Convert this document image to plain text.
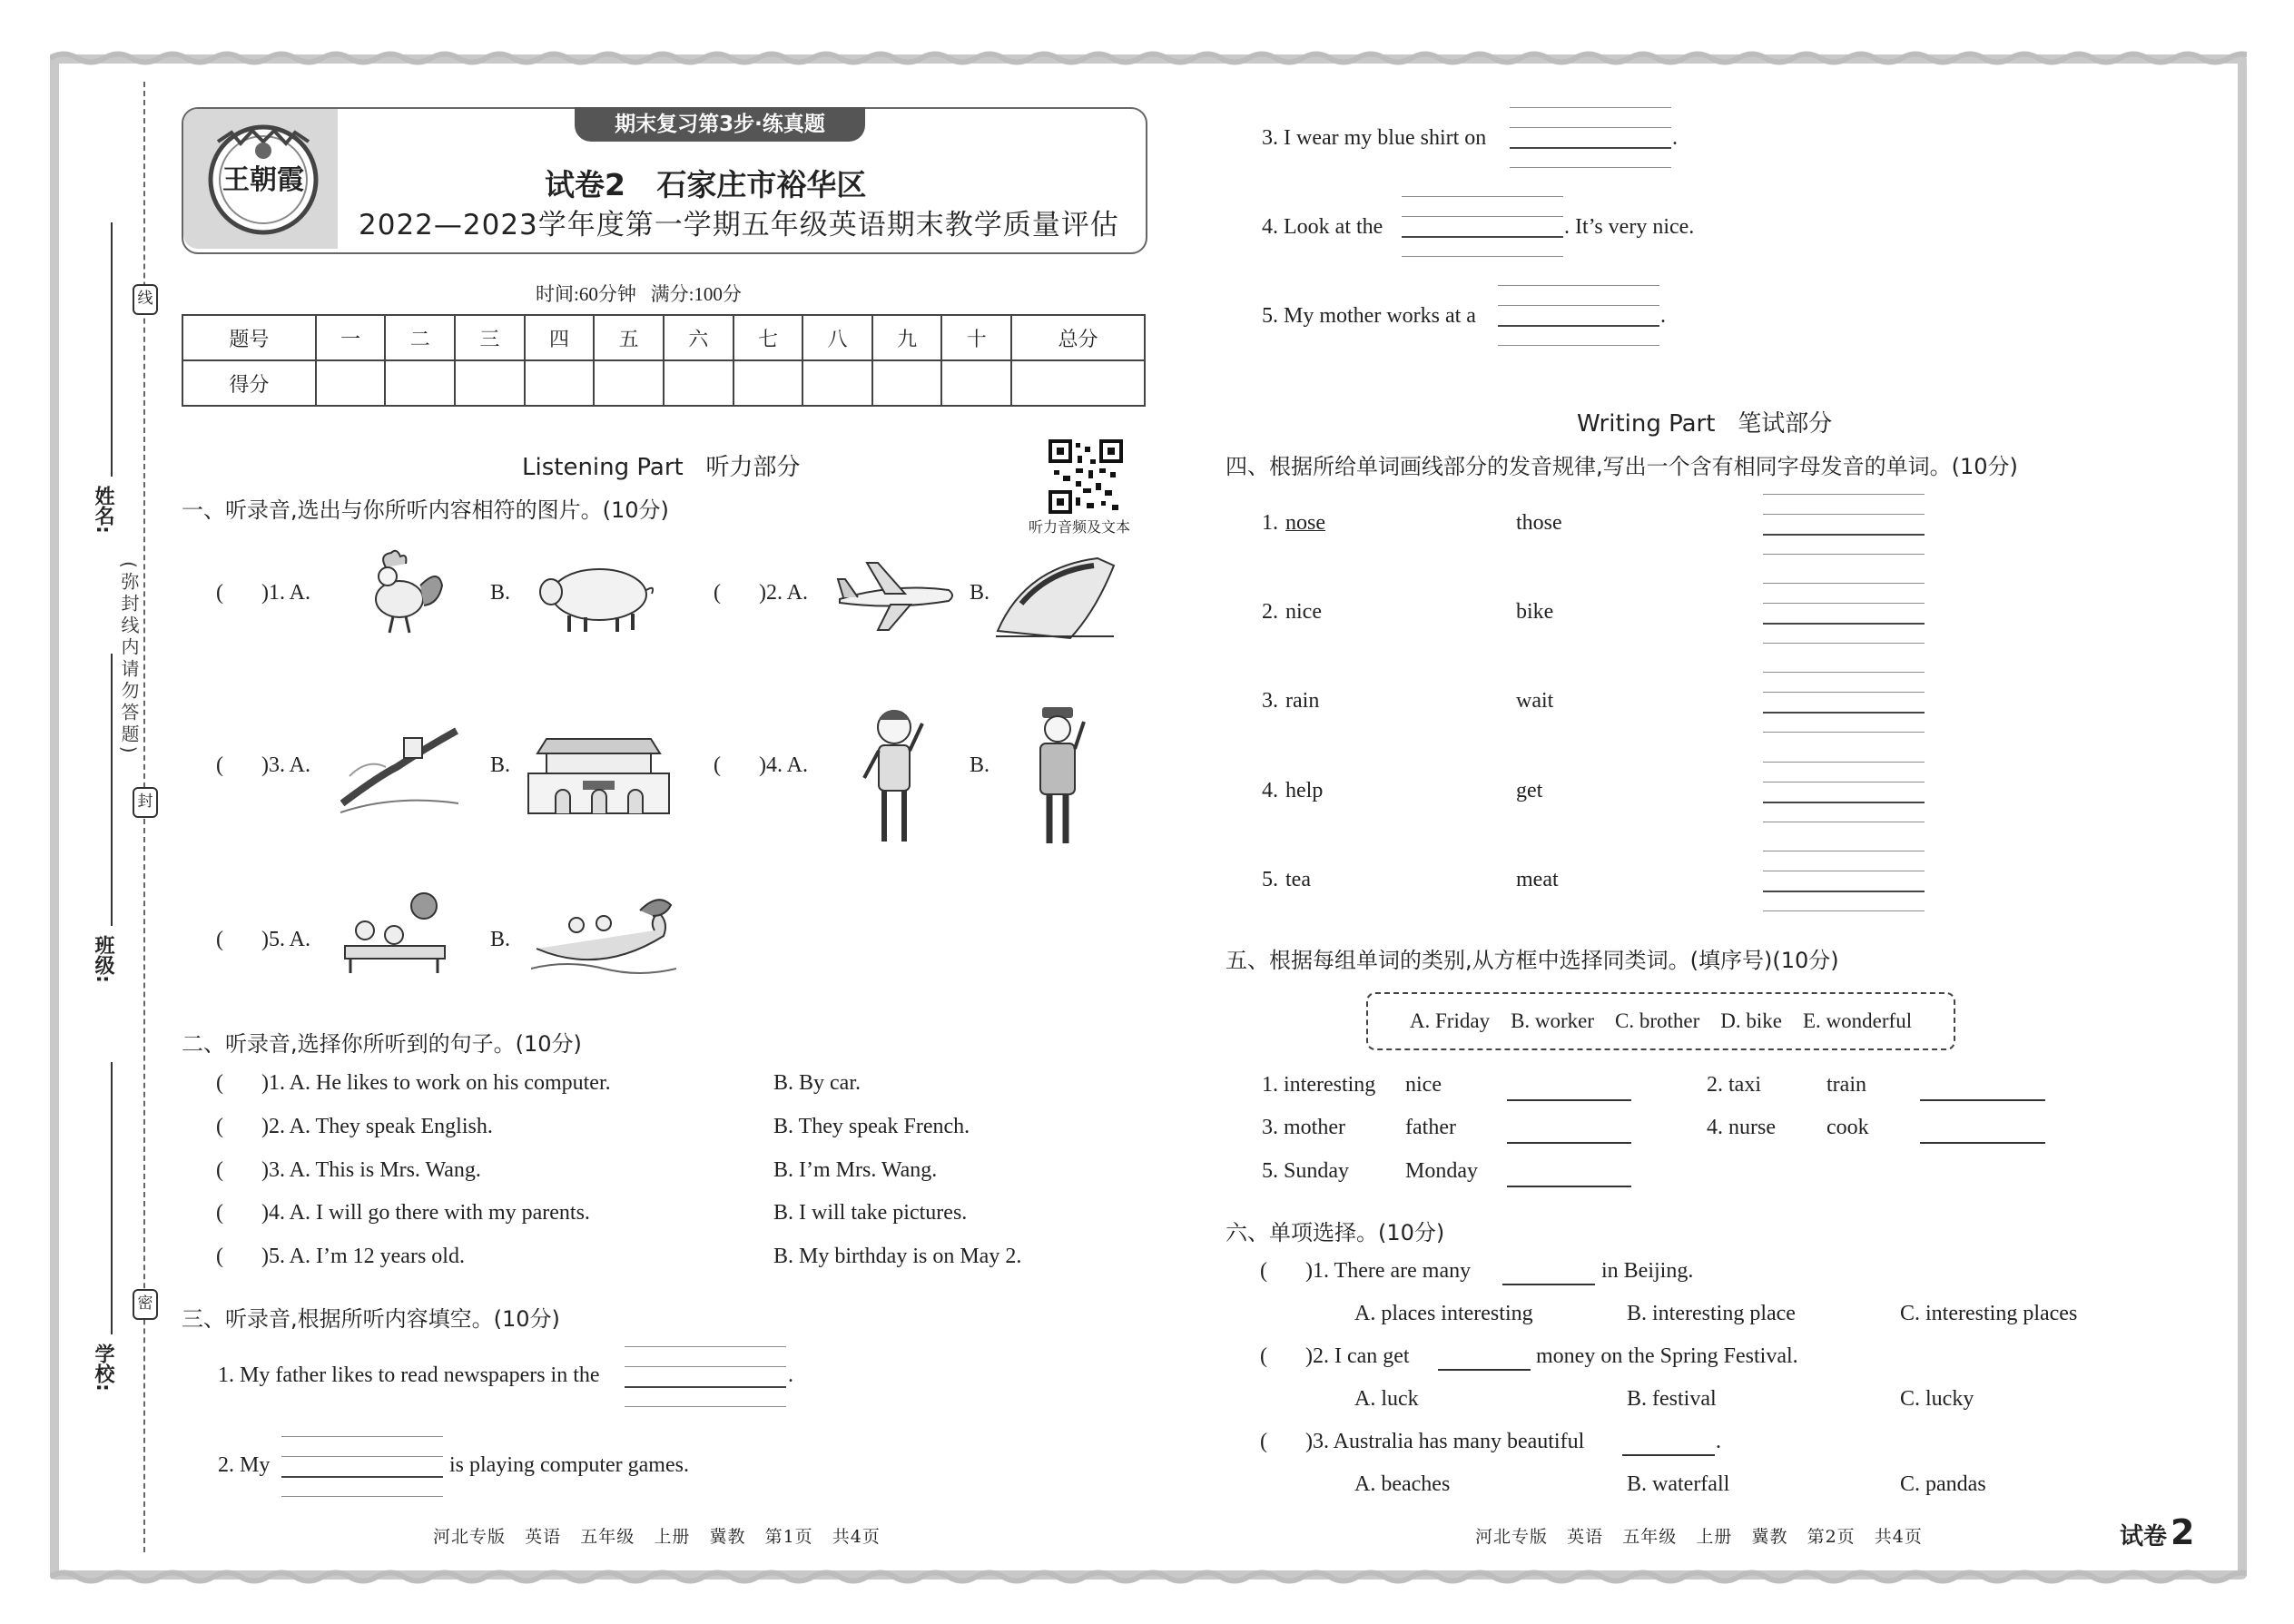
线
封
密
(弥封线内请勿答题)
姓名:
班级:
学校:
期末复习第3步·练真题
王朝霞	试卷2   石家庄市裕华区
2022—2023学年度第一学期五年级英语期末教学质量评估
时间:60分钟   满分:100分
题号	一	二	三	四	五	六	七	八	九	十	总分
得分											
Listening Part   听力部分
听力音频及文本
一、听录音,选出与你所听内容相符的图片。(10分)
(       )1. A.	B.	(       )2. A.	B.
(       )3. A.	B.	(       )4. A.	B.
(       )5. A.	B.
二、听录音,选择你所听到的句子。(10分)
(       )1. A. He likes to work on his computer.	B. By car.
(       )2. A. They speak English.	B. They speak French.
(       )3. A. This is Mrs. Wang.	B. I’m Mrs. Wang.
(       )4. A. I will go there with my parents.	B. I will take pictures.
(       )5. A. I’m 12 years old.	B. My birthday is on May 2.
三、听录音,根据所听内容填空。(10分)
1. My father likes to read newspapers in the	.
2. My	is playing computer games.
3. I wear my blue shirt on	.
4. Look at the	. It’s very nice.
5. My mother works at a	.
Writing Part   笔试部分
四、根据所给单词画线部分的发音规律,写出一个含有相同字母发音的单词。(10分)
1. nose	those
2. nice	bike
3. rain	wait
4. help	get
5. tea	meat
五、根据每组单词的类别,从方框中选择同类词。(填序号)(10分)
A. Friday    B. worker    C. brother    D. bike    E. wonderful
1. interesting nice	2. taxi	train
3. mother	father	4. nurse cook
5. Sunday	Monday
六、单项选择。(10分)
(       )1. There are many	in Beijing.
A. places interesting	B. interesting place	C. interesting places
(       )2. I can get	money on the Spring Festival.
A. luck	B. festival	C. lucky
(       )3. Australia has many beautiful	.
A. beaches	B. waterfall	C. pandas
河北专版   英语   五年级   上册   冀教   第1页   共4页	河北专版   英语   五年级   上册   冀教   第2页   共4页	试卷 2
